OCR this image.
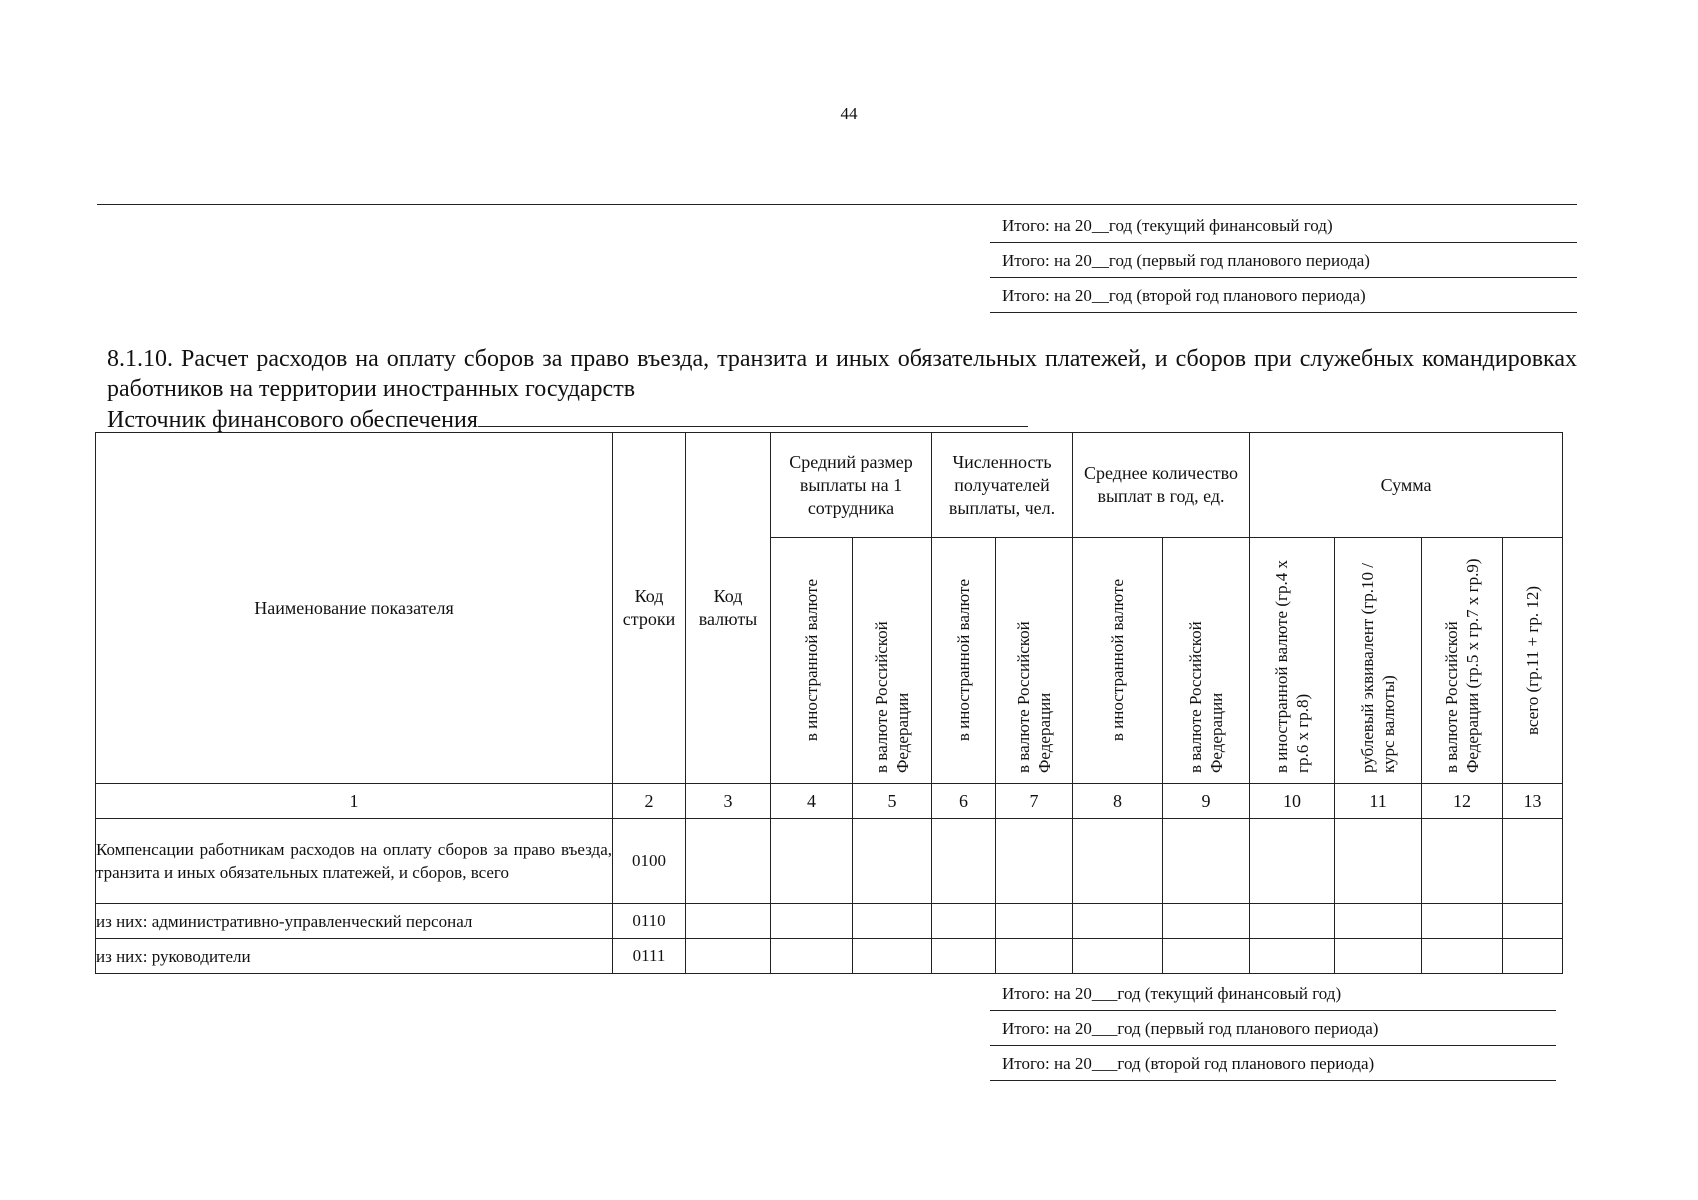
44
Итого: на 20__год (текущий финансовый год)
Итого: на 20__год (первый год планового периода)
Итого: на 20__год (второй год планового периода)
8.1.10. Расчет расходов на оплату сборов за право въезда, транзита и иных обязательных платежей, и сборов при служебных командировках работников на территории иностранных государств
Источник финансового обеспечения
Наименование показателя	Код строки	Код валюты	Средний размер выплаты на 1 сотрудника		Численность получателей выплаты, чел.		Среднее количество выплат в год, ед.		Сумма			

			в иностранной валюте	в валюте Российской Федерации	в иностранной валюте	в валюте Российской Федерации	в иностранной валюте	в валюте Российской Федерации	в иностранной валюте (гр.4 х гр.6 х гр.8)	рублевый эквивалент (гр.10 / курс валюты)	в валюте Российской Федерации (гр.5 х гр.7 х гр.9)	всего (гр.11 + гр. 12)

1	2	3	4	5	6	7	8	9	10	11	12	13
Компенсации работникам расходов на оплату сборов за право въезда, транзита и иных обязательных платежей, и сборов, всего	0100											
из них: административно-управленческий персонал	0110											
из них: руководители	0111											
Итого: на 20___год (текущий финансовый год)
Итого: на 20___год (первый год планового периода)
Итого: на 20___год (второй год планового периода)
